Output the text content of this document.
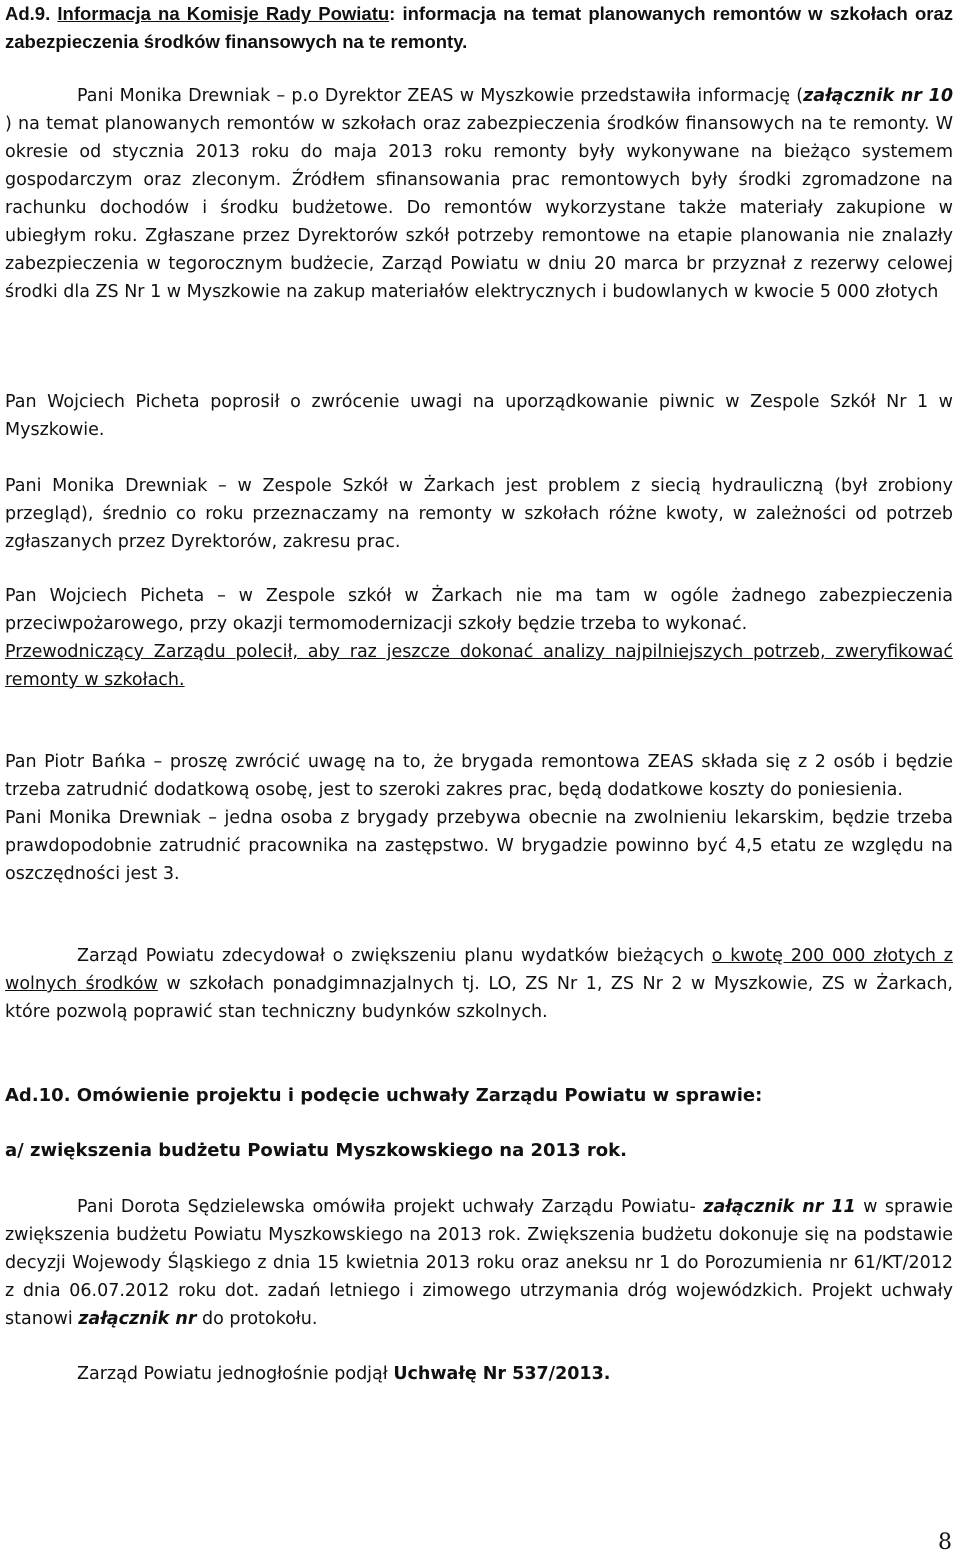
Ad.9. Informacja na Komisje Rady Powiatu: informacja na temat planowanych remontów w szkołach oraz zabezpieczenia środków finansowych na te remonty.

Pani Monika Drewniak – p.o Dyrektor ZEAS w Myszkowie przedstawiła informację (załącznik nr 10 ) na temat planowanych remontów w szkołach oraz zabezpieczenia środków finansowych na te remonty. W okresie od stycznia 2013 roku do maja 2013 roku remonty były wykonywane na bieżąco systemem gospodarczym oraz zleconym. Źródłem sfinansowania prac remontowych były środki zgromadzone na rachunku dochodów i środku budżetowe. Do remontów wykorzystane także materiały zakupione w ubiegłym roku. Zgłaszane przez Dyrektorów szkół potrzeby remontowe na etapie planowania nie znalazły zabezpieczenia w tegorocznym budżecie, Zarząd Powiatu w dniu 20 marca br przyznał z rezerwy celowej środki dla ZS Nr 1 w Myszkowie na zakup materiałów elektrycznych i budowlanych w kwocie 5 000 złotych

Pan Wojciech Picheta poprosił o zwrócenie uwagi na uporządkowanie piwnic w Zespole Szkół Nr 1 w Myszkowie.

Pani Monika Drewniak – w Zespole Szkół w Żarkach jest problem z siecią hydrauliczną (był zrobiony przegląd), średnio co roku przeznaczamy na remonty w szkołach różne kwoty, w zależności od potrzeb zgłaszanych przez Dyrektorów, zakresu prac.

Pan Wojciech Picheta – w Zespole szkół w Żarkach nie ma tam w ogóle żadnego zabezpieczenia przeciwpożarowego, przy okazji termomodernizacji szkoły będzie trzeba to wykonać.
Przewodniczący Zarządu polecił, aby raz jeszcze dokonać analizy najpilniejszych potrzeb, zweryfikować remonty w szkołach.

Pan Piotr Bańka – proszę zwrócić uwagę na to, że brygada remontowa ZEAS składa się z 2 osób i będzie trzeba zatrudnić dodatkową osobę, jest to szeroki zakres prac, będą dodatkowe koszty do poniesienia.
Pani Monika Drewniak – jedna osoba z brygady przebywa obecnie na zwolnieniu lekarskim, będzie trzeba prawdopodobnie zatrudnić pracownika na zastępstwo. W brygadzie powinno być 4,5 etatu ze względu na oszczędności jest 3.

Zarząd Powiatu zdecydował o zwiększeniu planu wydatków bieżących o kwotę 200 000 złotych z wolnych środków w szkołach ponadgimnazjalnych tj. LO, ZS Nr 1, ZS Nr 2 w Myszkowie, ZS w Żarkach, które pozwolą poprawić stan techniczny budynków szkolnych.

Ad.10. Omówienie projektu i podęcie uchwały Zarządu Powiatu w sprawie:

a/ zwiększenia budżetu Powiatu Myszkowskiego na 2013 rok.

Pani Dorota Sędzielewska omówiła projekt uchwały Zarządu Powiatu- załącznik nr 11 w sprawie zwiększenia budżetu Powiatu Myszkowskiego na 2013 rok. Zwiększenia budżetu dokonuje się na podstawie decyzji Wojewody Śląskiego z dnia 15 kwietnia 2013 roku oraz aneksu nr 1 do Porozumienia nr 61/KT/2012 z dnia 06.07.2012 roku dot. zadań letniego i zimowego utrzymania dróg wojewódzkich. Projekt uchwały stanowi załącznik nr do protokołu.

Zarząd Powiatu jednogłośnie podjął Uchwałę Nr 537/2013.

8
